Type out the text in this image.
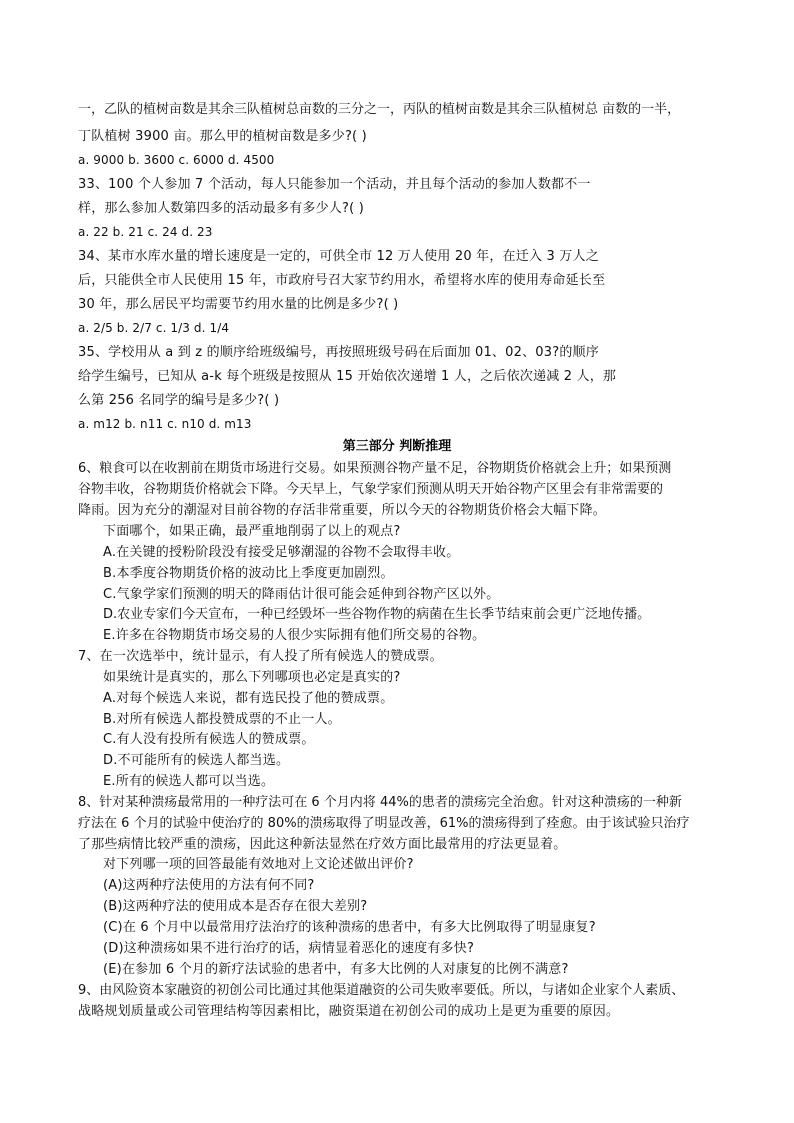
一，乙队的植树亩数是其余三队植树总亩数的三分之一，丙队的植树亩数是其余三队植树总 亩数的一半，
丁队植树 3900 亩。那么甲的植树亩数是多少?( )
a. 9000 b. 3600 c. 6000 d. 4500
33、100 个人参加 7 个活动，每人只能参加一个活动，并且每个活动的参加人数都不一
样，那么参加人数第四多的活动最多有多少人?( )
a. 22 b. 21 c. 24 d. 23
34、某市水库水量的增长速度是一定的，可供全市 12 万人使用 20 年，在迁入 3 万人之
后，只能供全市人民使用 15 年，市政府号召大家节约用水，希望将水库的使用寿命延长至
30 年，那么居民平均需要节约用水量的比例是多少?( )
a. 2/5 b. 2/7 c. 1/3 d. 1/4
35、学校用从 a 到 z 的顺序给班级编号，再按照班级号码在后面加 01、02、03?的顺序
给学生编号，已知从 a-k 每个班级是按照从 15 开始依次递增 1 人，之后依次递减 2 人，那
么第 256 名同学的编号是多少?( )
a. m12 b. n11 c. n10 d. m13
第三部分 判断推理
6、粮食可以在收割前在期货市场进行交易。如果预测谷物产量不足，谷物期货价格就会上升；如果预测
谷物丰收，谷物期货价格就会下降。今天早上，气象学家们预测从明天开始谷物产区里会有非常需要的
降雨。因为充分的潮湿对目前谷物的存活非常重要，所以今天的谷物期货价格会大幅下降。
下面哪个，如果正确，最严重地削弱了以上的观点?
A.在关键的授粉阶段没有接受足够潮湿的谷物不会取得丰收。
B.本季度谷物期货价格的波动比上季度更加剧烈。
C.气象学家们预测的明天的降雨估计很可能会延伸到谷物产区以外。
D.农业专家们今天宣布，一种已经毁坏一些谷物作物的病菌在生长季节结束前会更广泛地传播。
E.许多在谷物期货市场交易的人很少实际拥有他们所交易的谷物。
7、在一次选举中，统计显示，有人投了所有候选人的赞成票。
如果统计是真实的，那么下列哪项也必定是真实的?
A.对每个候选人来说，都有选民投了他的赞成票。
B.对所有候选人都投赞成票的不止一人。
C.有人没有投所有候选人的赞成票。
D.不可能所有的候选人都当选。
E.所有的候选人都可以当选。
8、针对某种溃疡最常用的一种疗法可在 6 个月内将 44%的患者的溃疡完全治愈。针对这种溃疡的一种新
疗法在 6 个月的试验中使治疗的 80%的溃疡取得了明显改善，61%的溃疡得到了痊愈。由于该试验只治疗
了那些病情比较严重的溃疡，因此这种新法显然在疗效方面比最常用的疗法更显着。
对下列哪一项的回答最能有效地对上文论述做出评价?
(A)这两种疗法使用的方法有何不同?
(B)这两种疗法的使用成本是否存在很大差别?
(C)在 6 个月中以最常用疗法治疗的该种溃疡的患者中，有多大比例取得了明显康复?
(D)这种溃疡如果不进行治疗的话，病情显着恶化的速度有多快?
(E)在参加 6 个月的新疗法试验的患者中，有多大比例的人对康复的比例不满意?
9、由风险资本家融资的初创公司比通过其他渠道融资的公司失败率要低。所以，与诸如企业家个人素质、
战略规划质量或公司管理结构等因素相比，融资渠道在初创公司的成功上是更为重要的原因。
